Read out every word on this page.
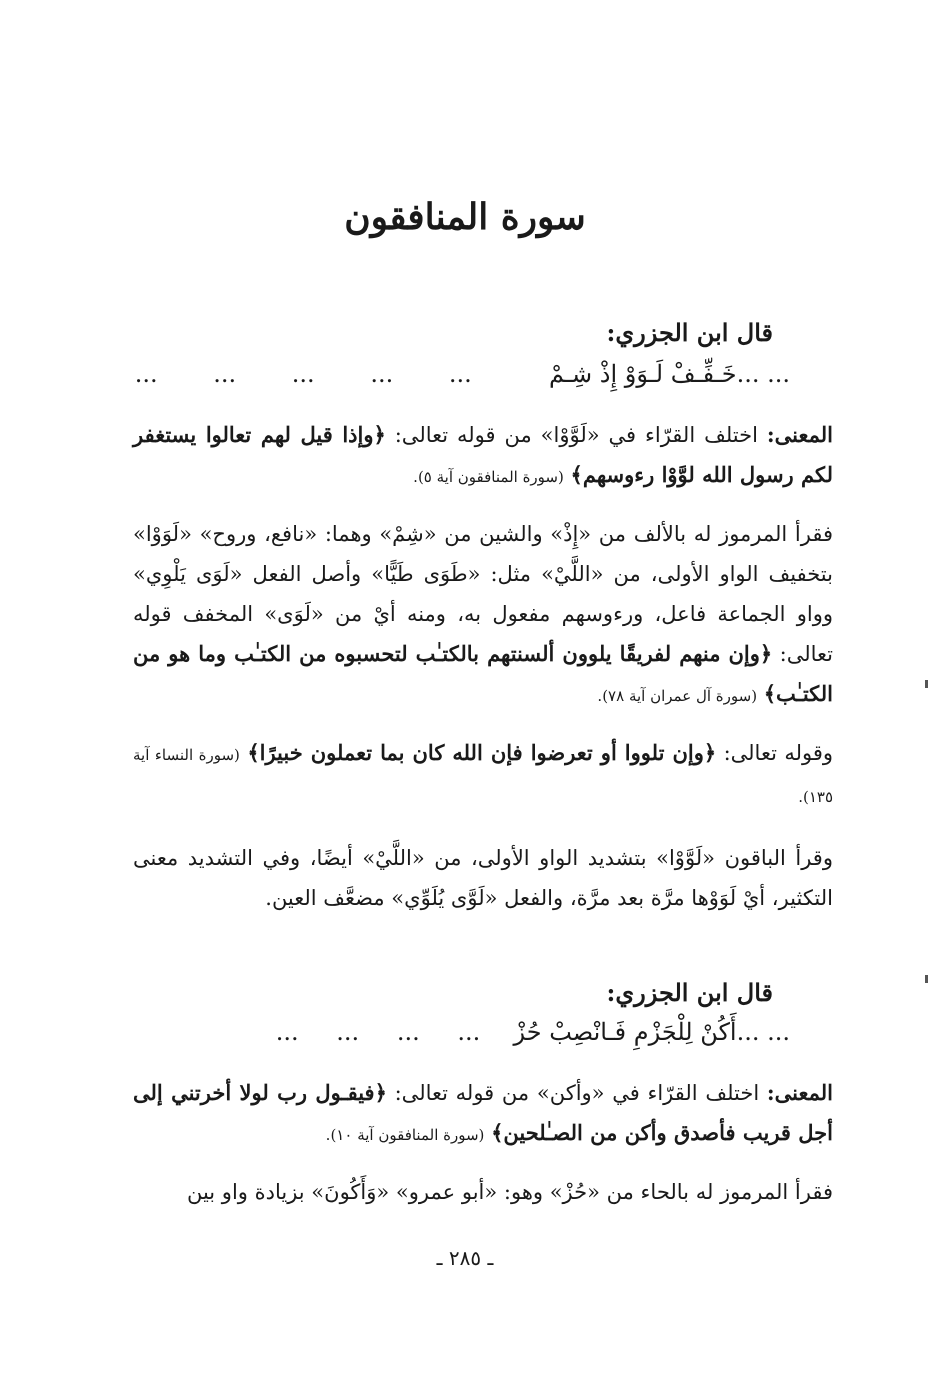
سورة المنافقون
قال ابن الجزري:
... ...خَـفِّـفْ لَـوَوْ إِذْ شِـمْ  ... ... ... ... ...
المعنى: اختلف القرّاء في «لَوَّوْا» من قوله تعالى: ﴿وإذا قيل لهم تعالوا يستغفر لكم رسول الله لوَّوْا رءوسهم﴾ (سورة المنافقون آية ٥).
فقرأ المرموز له بالألف من «إِذْ» والشين من «شِمْ» وهما: «نافع، وروح» «لَوَوْا» بتخفيف الواو الأولى، من «اللَّيْ» مثل: «طَوَى طَيًّا» وأصل الفعل «لَوَى يَلْوِي» وواو الجماعة فاعل، ورءوسهم مفعول به، ومنه أيْ من «لَوَى» المخفف قوله تعالى: ﴿وإن منهم لفريقًا يلوون ألسنتهم بالكتـٰب لتحسبوه من الكتـٰب وما هو من الكتـٰب﴾ (سورة آل عمران آية ٧٨).
وقوله تعالى: ﴿وإن تلووا أو تعرضوا فإن الله كان بما تعملون خبيرًا﴾ (سورة النساء آية ١٣٥).
وقرأ الباقون «لَوَّوْا» بتشديد الواو الأولى، من «اللَّيْ» أيضًا، وفي التشديد معنى التكثير، أيْ لَوَوْها مرَّة بعد مرَّة، والفعل «لَوَّى يُلَوِّي» مضعَّف العين.
قال ابن الجزري:
... ...أَكُنْ لِلْجَزْمِ فَـانْصِبْ حُزْ  ... ... ... ...
المعنى: اختلف القرّاء في «وأكن» من قوله تعالى: ﴿فيقـول رب لولا أخرتني إلى أجل قريب فأصدق وأكن من الصـٰلحين﴾ (سورة المنافقون آية ١٠).
فقرأ المرموز له بالحاء من «حُزْ» وهو: «أبو عمرو» «وَأَكُونَ» بزيادة واو بين
ـ ٢٨٥ ـ
